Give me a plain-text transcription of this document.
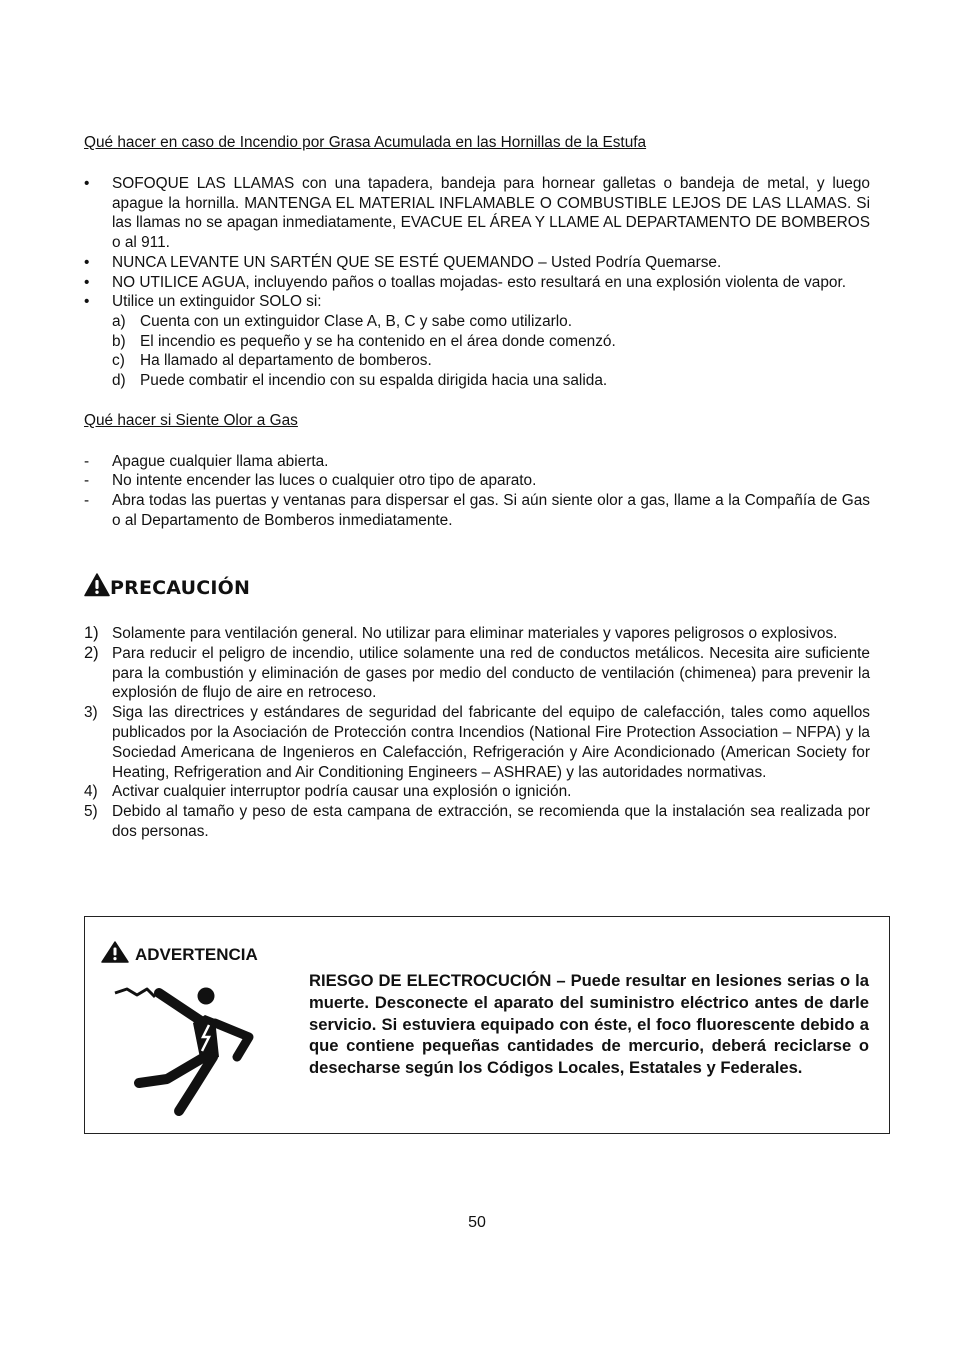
Qué hacer en caso de Incendio por Grasa Acumulada en las Hornillas de la Estufa
• SOFOQUE LAS LLAMAS con una tapadera, bandeja para hornear galletas o bandeja de metal, y luego apague la hornilla. MANTENGA EL MATERIAL INFLAMABLE O COMBUSTIBLE LEJOS DE LAS LLAMAS. Si las llamas no se apagan inmediatamente, EVACUE EL ÁREA Y LLAME AL DEPARTAMENTO DE BOMBEROS o al 911.
• NUNCA LEVANTE UN SARTÉN QUE SE ESTÉ QUEMANDO – Usted Podría Quemarse.
• NO UTILICE AGUA, incluyendo paños o toallas mojadas- esto resultará en una explosión violenta de vapor.
• Utilice un extinguidor SOLO si:
a) Cuenta con un extinguidor Clase A, B, C y sabe como utilizarlo.
b) El incendio es pequeño y se ha contenido en el área donde comenzó.
c) Ha llamado al departamento de bomberos.
d) Puede combatir el incendio con su espalda dirigida hacia una salida.
Qué hacer si Siente Olor a Gas
- Apague cualquier llama abierta.
- No intente encender las luces o cualquier otro tipo de aparato.
- Abra todas las puertas y ventanas para dispersar el gas. Si aún siente olor a gas, llame a la Compañía de Gas o al Departamento de Bomberos inmediatamente.
PRECAUCIÓN
1) Solamente para ventilación general. No utilizar para eliminar materiales y vapores peligrosos o explosivos.
2) Para reducir el peligro de incendio, utilice solamente una red de conductos metálicos. Necesita aire suficiente para la combustión y eliminación de gases por medio del conducto de ventilación (chimenea) para prevenir la explosión de flujo de aire en retroceso.
3) Siga las directrices y estándares de seguridad del fabricante del equipo de calefacción, tales como aquellos publicados por la Asociación de Protección contra Incendios (National Fire Protection Association – NFPA) y la Sociedad Americana de Ingenieros en Calefacción, Refrigeración y Aire Acondicionado (American Society for Heating, Refrigeration and Air Conditioning Engineers – ASHRAE) y las autoridades normativas.
4) Activar cualquier interruptor podría causar una explosión o ignición.
5) Debido al tamaño y peso de esta campana de extracción, se recomienda que la instalación sea realizada por dos personas.
ADVERTENCIA
RIESGO DE ELECTROCUCIÓN – Puede resultar en lesiones serias o la muerte. Desconecte el aparato del suministro eléctrico antes de darle servicio. Si estuviera equipado con éste, el foco fluorescente debido a que contiene pequeñas cantidades de mercurio, deberá reciclarse o desecharse según los Códigos Locales, Estatales y Federales.
50
